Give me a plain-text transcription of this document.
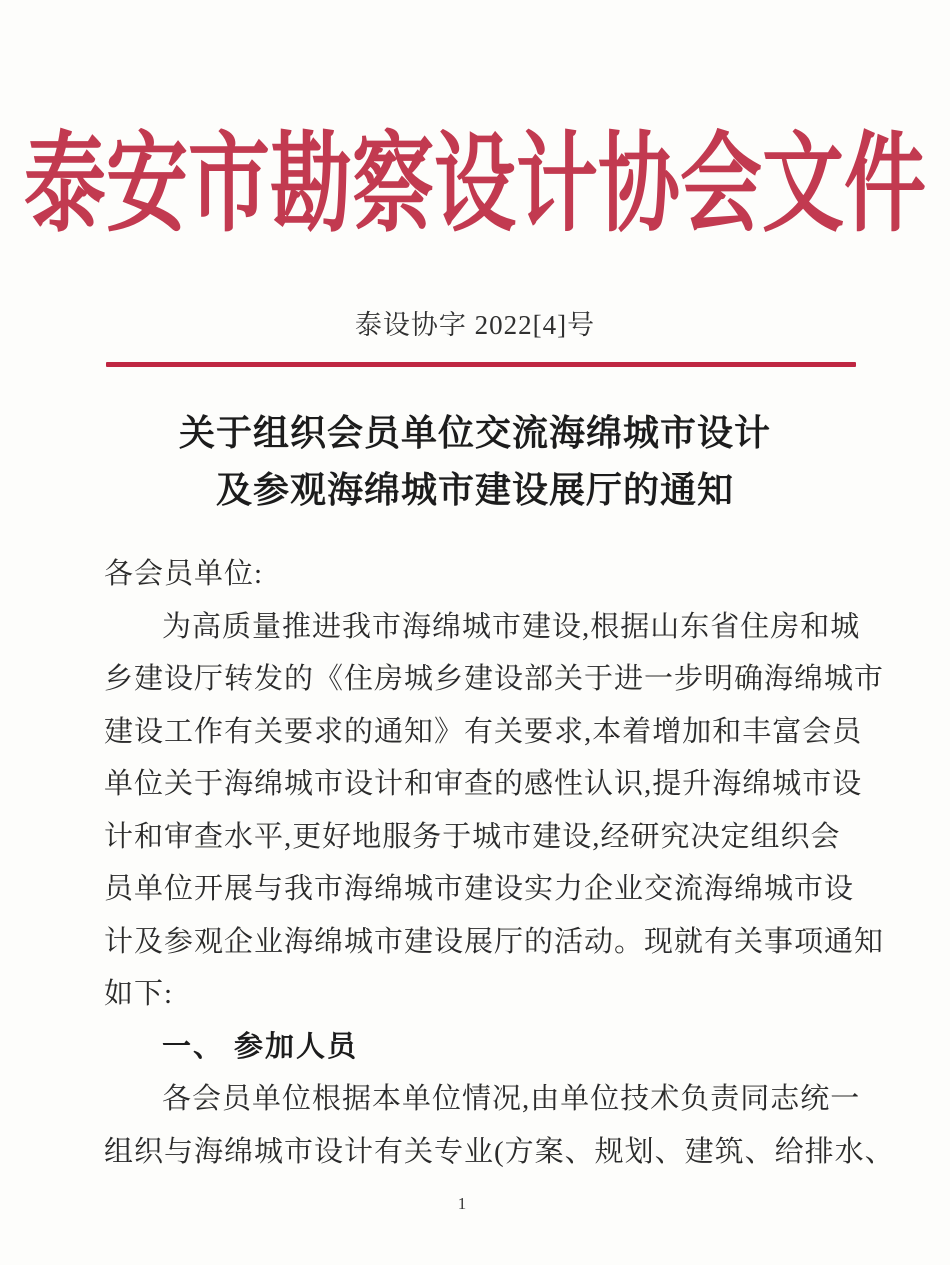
泰安市勘察设计协会文件
泰设协字 2022[4]号
关于组织会员单位交流海绵城市设计
及参观海绵城市建设展厅的通知

各会员单位:

为高质量推进我市海绵城市建设,根据山东省住房和城

乡建设厅转发的《住房城乡建设部关于进一步明确海绵城市

建设工作有关要求的通知》有关要求,本着增加和丰富会员

单位关于海绵城市设计和审查的感性认识,提升海绵城市设

计和审查水平,更好地服务于城市建设,经研究决定组织会

员单位开展与我市海绵城市建设实力企业交流海绵城市设

计及参观企业海绵城市建设展厅的活动。现就有关事项通知

如下:

一、 参加人员

各会员单位根据本单位情况,由单位技术负责同志统一

组织与海绵城市设计有关专业(方案、规划、建筑、给排水、

1
